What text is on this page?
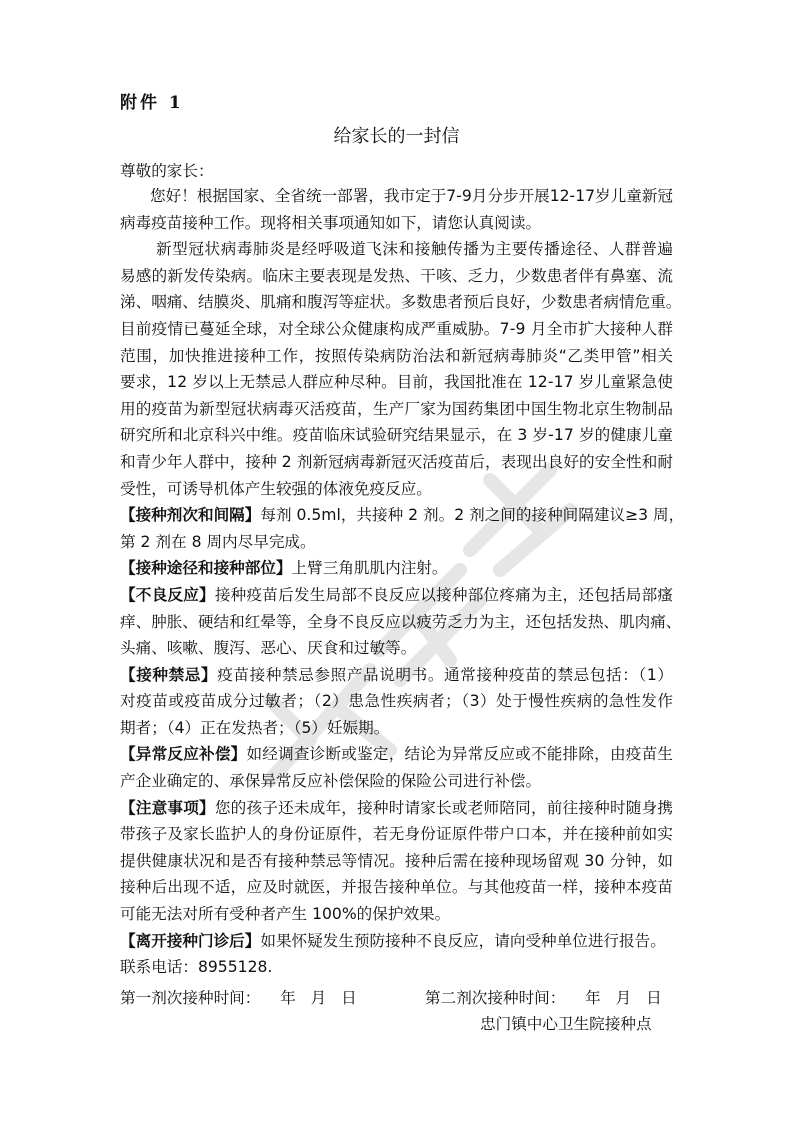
附件 1
给家长的一封信
尊敬的家长：
您好！根据国家、全省统一部署，我市定于7-9月分步开展12-17岁儿童新冠
病毒疫苗接种工作。现将相关事项通知如下，请您认真阅读。
新型冠状病毒肺炎是经呼吸道飞沫和接触传播为主要传播途径、人群普遍
易感的新发传染病。临床主要表现是发热、干咳、乏力，少数患者伴有鼻塞、流
涕、咽痛、结膜炎、肌痛和腹泻等症状。多数患者预后良好，少数患者病情危重。
目前疫情已蔓延全球，对全球公众健康构成严重威胁。7-9 月全市扩大接种人群
范围，加快推进接种工作，按照传染病防治法和新冠病毒肺炎“乙类甲管”相关
要求，12 岁以上无禁忌人群应种尽种。目前，我国批准在 12-17 岁儿童紧急使
用的疫苗为新型冠状病毒灭活疫苗，生产厂家为国药集团中国生物北京生物制品
研究所和北京科兴中维。疫苗临床试验研究结果显示，在 3 岁-17 岁的健康儿童
和青少年人群中，接种 2 剂新冠病毒新冠灭活疫苗后，表现出良好的安全性和耐
受性，可诱导机体产生较强的体液免疫反应。
【接种剂次和间隔】每剂 0.5ml，共接种 2 剂。2 剂之间的接种间隔建议≥3 周，
第 2 剂在 8 周内尽早完成。
【接种途径和接种部位】上臂三角肌肌内注射。
【不良反应】接种疫苗后发生局部不良反应以接种部位疼痛为主，还包括局部瘙
痒、肿胀、硬结和红晕等，全身不良反应以疲劳乏力为主，还包括发热、肌肉痛、
头痛、咳嗽、腹泻、恶心、厌食和过敏等。
【接种禁忌】疫苗接种禁忌参照产品说明书。通常接种疫苗的禁忌包括：（1）
对疫苗或疫苗成分过敏者；（2）患急性疾病者；（3）处于慢性疾病的急性发作
期者；（4）正在发热者；（5）妊娠期。
【异常反应补偿】如经调查诊断或鉴定，结论为异常反应或不能排除，由疫苗生
产企业确定的、承保异常反应补偿保险的保险公司进行补偿。
【注意事项】您的孩子还未成年，接种时请家长或老师陪同，前往接种时随身携
带孩子及家长监护人的身份证原件，若无身份证原件带户口本，并在接种前如实
提供健康状况和是否有接种禁忌等情况。接种后需在接种现场留观 30 分钟，如
接种后出现不适，应及时就医，并报告接种单位。与其他疫苗一样，接种本疫苗
可能无法对所有受种者产生 100%的保护效果。
【离开接种门诊后】如果怀疑发生预防接种不良反应，请向受种单位进行报告。
联系电话：8955128.
第一剂次接种时间：    年   月   日	第二剂次接种时间：    年   月   日
忠门镇中心卫生院接种点
